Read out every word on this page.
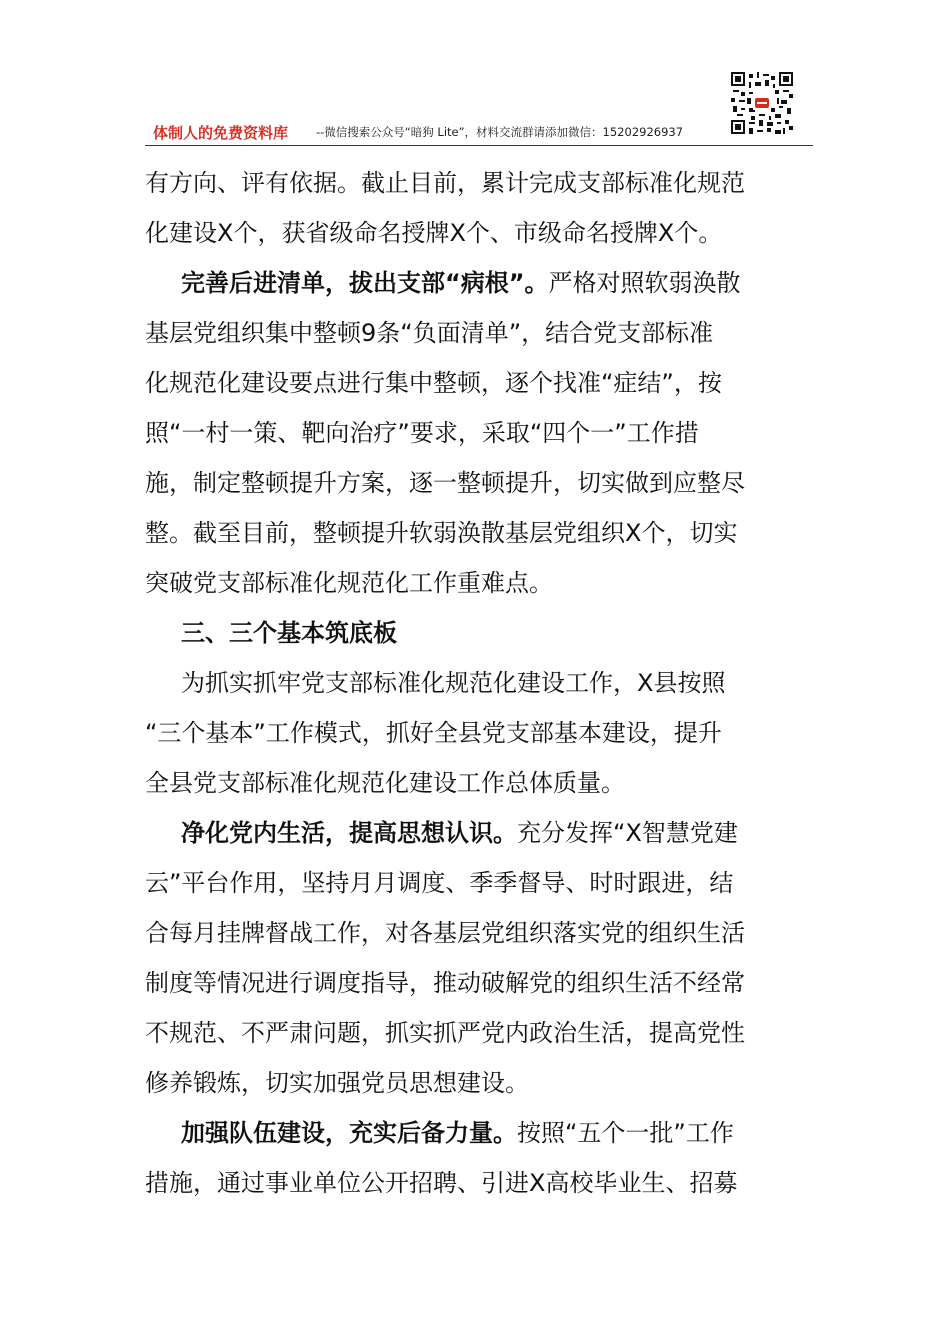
体制人的免费资料库 --微信搜索公众号“暗狗 Lite”，材料交流群请添加微信：15202926937
有方向、评有依据。截止目前，累计完成支部标准化规范
化建设X个，获省级命名授牌X个、市级命名授牌X个。
完善后进清单，拔出支部“病根”。严格对照软弱涣散
基层党组织集中整顿9条“负面清单”，结合党支部标准
化规范化建设要点进行集中整顿，逐个找准“症结”，按
照“一村一策、靶向治疗”要求，采取“四个一”工作措
施，制定整顿提升方案，逐一整顿提升，切实做到应整尽
整。截至目前，整顿提升软弱涣散基层党组织X个，切实
突破党支部标准化规范化工作重难点。
三、三个基本筑底板
为抓实抓牢党支部标准化规范化建设工作，X县按照
“三个基本”工作模式，抓好全县党支部基本建设，提升
全县党支部标准化规范化建设工作总体质量。
净化党内生活，提高思想认识。充分发挥“X智慧党建
云”平台作用，坚持月月调度、季季督导、时时跟进，结
合每月挂牌督战工作，对各基层党组织落实党的组织生活
制度等情况进行调度指导，推动破解党的组织生活不经常
不规范、不严肃问题，抓实抓严党内政治生活，提高党性
修养锻炼，切实加强党员思想建设。
加强队伍建设，充实后备力量。按照“五个一批”工作
措施，通过事业单位公开招聘、引进X高校毕业生、招募
